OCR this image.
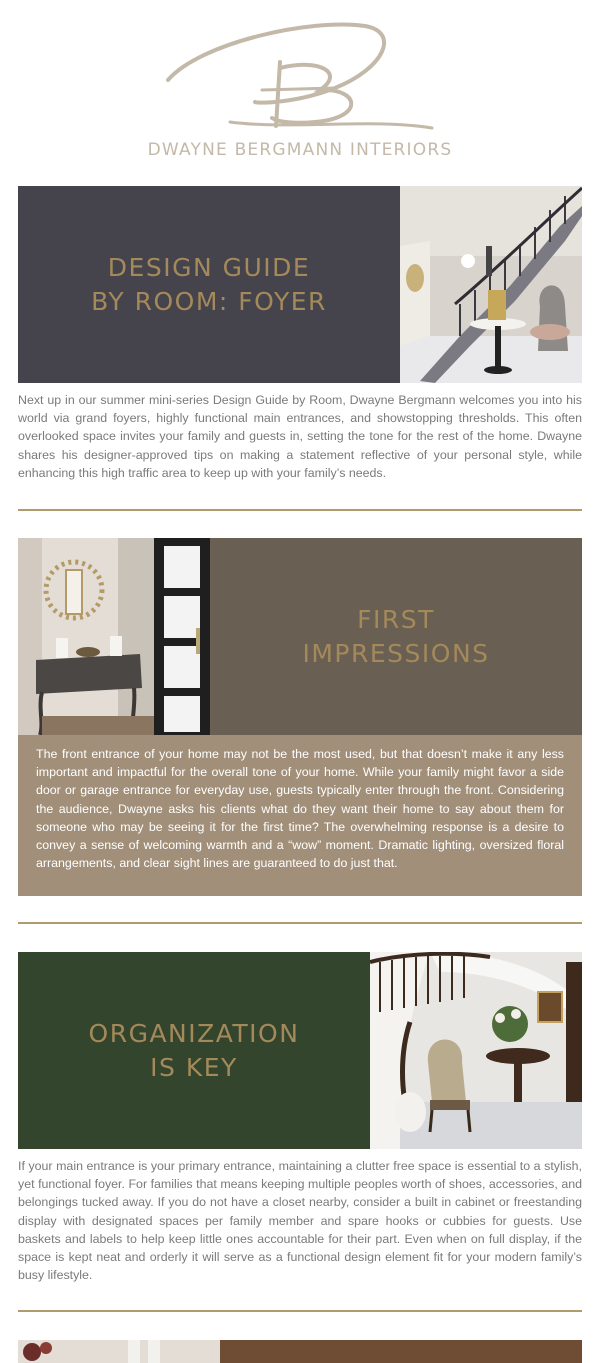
DWAYNE BERGMANN INTERIORS
DESIGN GUIDE
BY ROOM: FOYER
Next up in our summer mini-series Design Guide by Room, Dwayne Bergmann welcomes you into his world via grand foyers, highly functional main entrances, and showstopping thresholds. This often overlooked space invites your family and guests in, setting the tone for the rest of the home. Dwayne shares his designer-approved tips on making a statement reflective of your personal style, while enhancing this high traffic area to keep up with your family’s needs.
FIRST
IMPRESSIONS
The front entrance of your home may not be the most used, but that doesn’t make it any less important and impactful for the overall tone of your home. While your family might favor a side door or garage entrance for everyday use, guests typically enter through the front. Considering the audience, Dwayne asks his clients what do they want their home to say about them for someone who may be seeing it for the first time? The overwhelming response is a desire to convey a sense of welcoming warmth and a “wow” moment. Dramatic lighting, oversized floral arrangements, and clear sight lines are guaranteed to do just that.
ORGANIZATION
IS KEY
If your main entrance is your primary entrance, maintaining a clutter free space is essential to a stylish, yet functional foyer. For families that means keeping multiple peoples worth of shoes, accessories, and belongings tucked away. If you do not have a closet nearby, consider a built in cabinet or freestanding display with designated spaces per family member and spare hooks or cubbies for guests. Use baskets and labels to help keep little ones accountable for their part. Even when on full display, if the space is kept neat and orderly it will serve as a functional design element fit for your modern family’s busy lifestyle.
